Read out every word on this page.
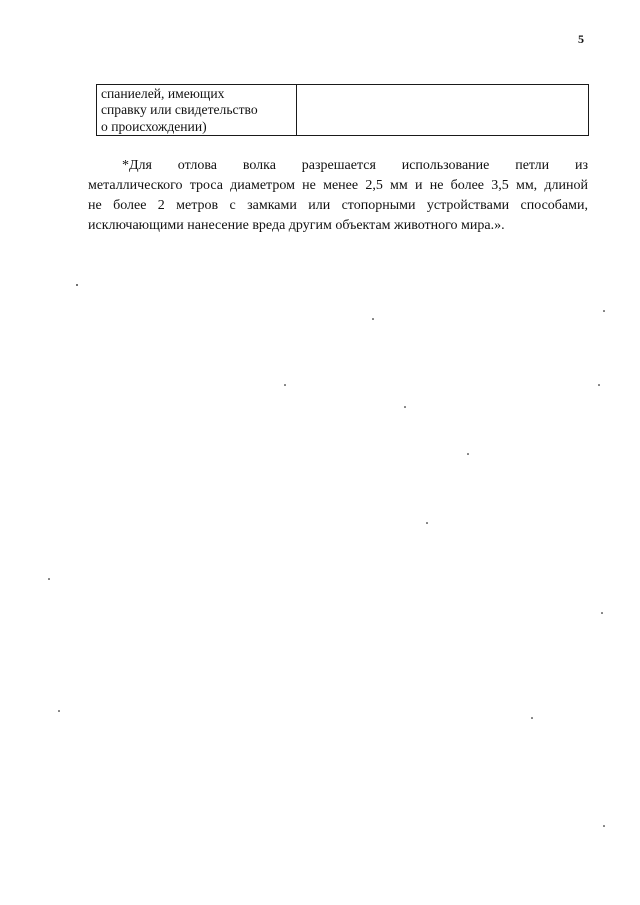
5
спаниелей, имеющих
справку или свидетельство
о происхождении)
*Для отлова волка разрешается использование петли из
металлического троса диаметром не менее 2,5 мм и не более 3,5 мм, длиной
не более 2 метров с замками или стопорными устройствами способами,
исключающими нанесение вреда другим объектам животного мира.».
